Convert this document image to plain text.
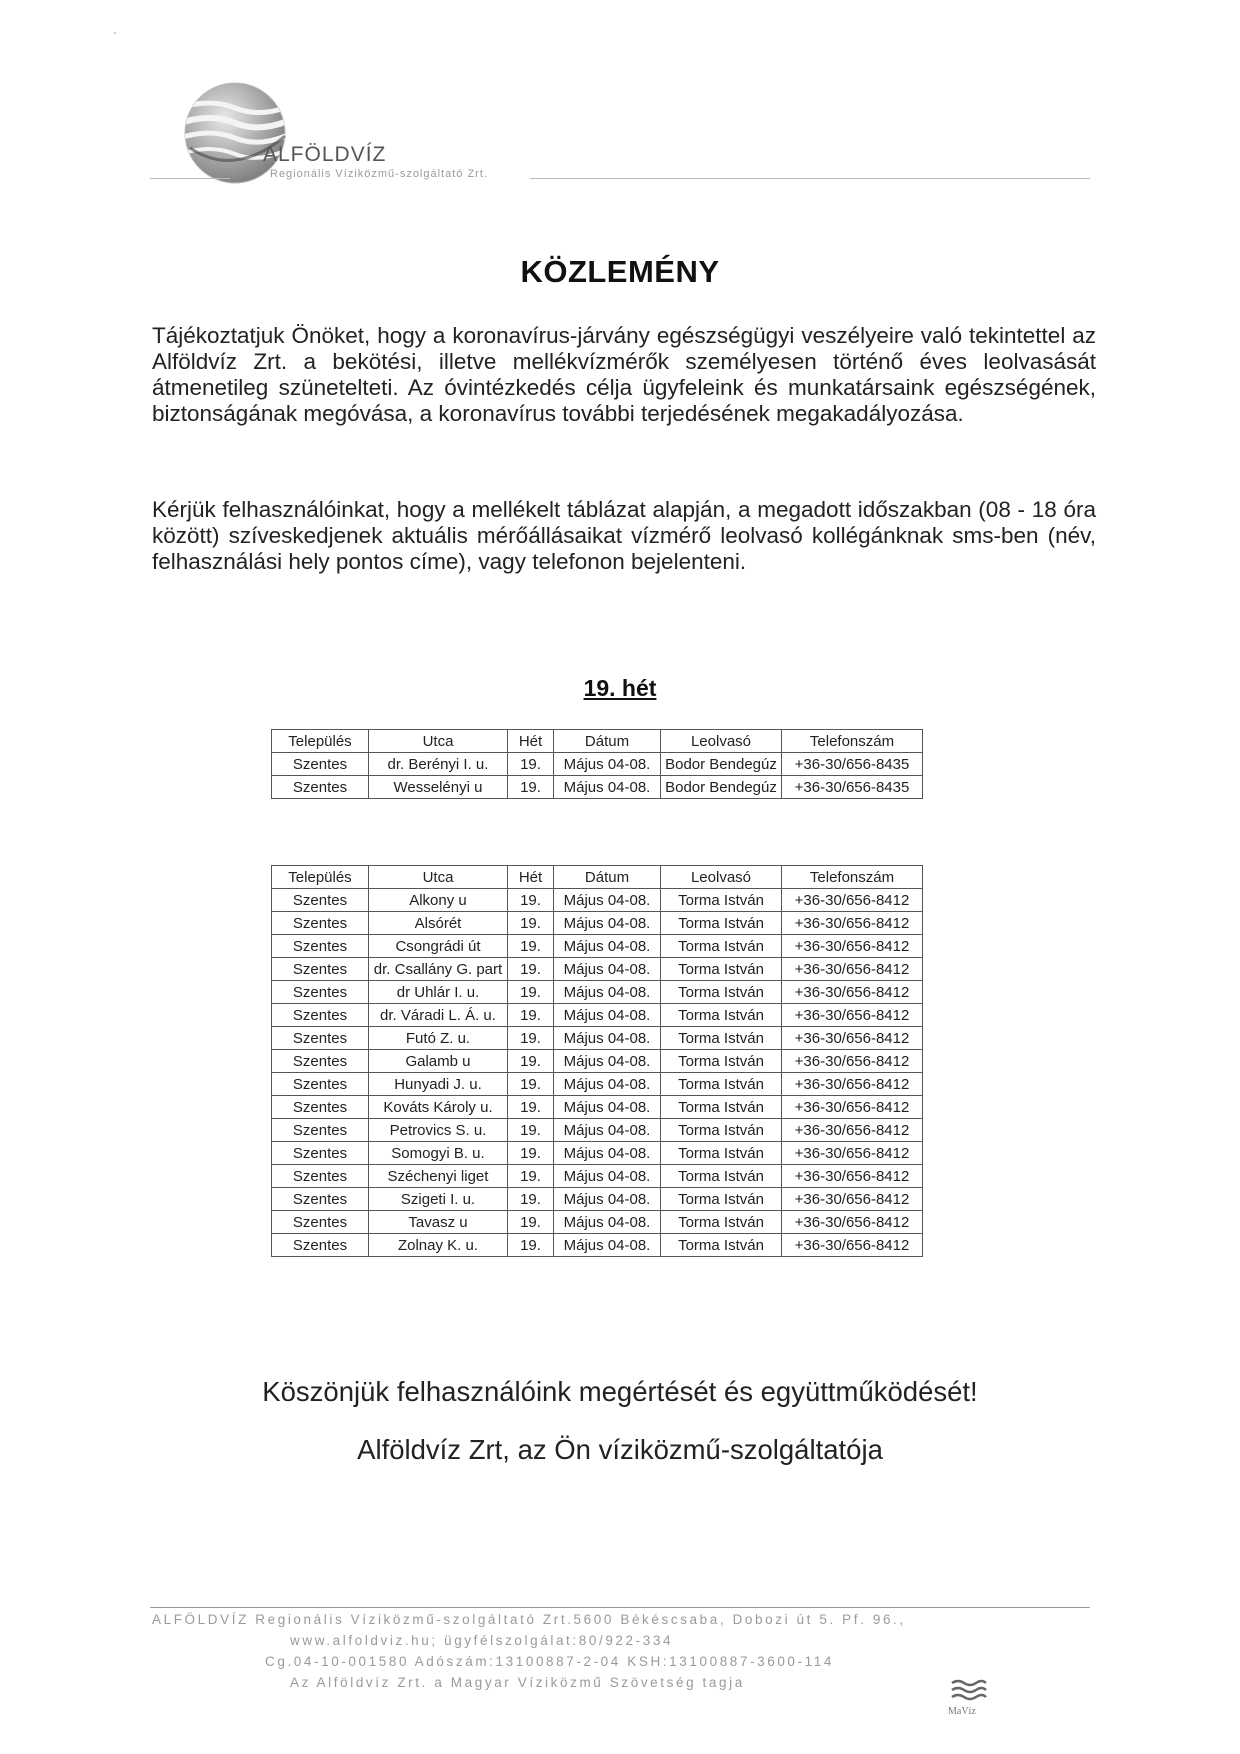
ALFÖLDVÍZ
Regionális Víziközmű-szolgáltató Zrt.
KÖZLEMÉNY
Tájékoztatjuk Önöket, hogy a koronavírus-járvány egészségügyi veszélyeire való tekintettel az Alföldvíz Zrt. a bekötési, illetve mellékvízmérők személyesen történő éves leolvasását átmenetileg szünetelteti. Az óvintézkedés célja ügyfeleink és munkatársaink egészségének, biztonságának megóvása, a koronavírus további terjedésének megakadályozása.
Kérjük felhasználóinkat, hogy a mellékelt táblázat alapján, a megadott időszakban (08 - 18 óra között) szíveskedjenek aktuális mérőállásaikat vízmérő leolvasó kollégánknak sms-ben (név, felhasználási hely pontos címe), vagy telefonon bejelenteni.
19. hét
Település	Utca	Hét	Dátum	Leolvasó	Telefonszám
Szentes	dr. Berényi I. u.	19.	Május 04-08.	Bodor Bendegúz	+36-30/656-8435
Szentes	Wesselényi u	19.	Május 04-08.	Bodor Bendegúz	+36-30/656-8435
Település	Utca	Hét	Dátum	Leolvasó	Telefonszám
Szentes	Alkony u	19.	Május 04-08.	Torma István	+36-30/656-8412
Szentes	Alsórét	19.	Május 04-08.	Torma István	+36-30/656-8412
Szentes	Csongrádi út	19.	Május 04-08.	Torma István	+36-30/656-8412
Szentes	dr. Csallány G. part	19.	Május 04-08.	Torma István	+36-30/656-8412
Szentes	dr Uhlár I. u.	19.	Május 04-08.	Torma István	+36-30/656-8412
Szentes	dr. Váradi L. Á. u.	19.	Május 04-08.	Torma István	+36-30/656-8412
Szentes	Futó Z. u.	19.	Május 04-08.	Torma István	+36-30/656-8412
Szentes	Galamb u	19.	Május 04-08.	Torma István	+36-30/656-8412
Szentes	Hunyadi J. u.	19.	Május 04-08.	Torma István	+36-30/656-8412
Szentes	Kováts Károly u.	19.	Május 04-08.	Torma István	+36-30/656-8412
Szentes	Petrovics S. u.	19.	Május 04-08.	Torma István	+36-30/656-8412
Szentes	Somogyi B. u.	19.	Május 04-08.	Torma István	+36-30/656-8412
Szentes	Széchenyi liget	19.	Május 04-08.	Torma István	+36-30/656-8412
Szentes	Szigeti I. u.	19.	Május 04-08.	Torma István	+36-30/656-8412
Szentes	Tavasz u	19.	Május 04-08.	Torma István	+36-30/656-8412
Szentes	Zolnay K. u.	19.	Május 04-08.	Torma István	+36-30/656-8412
Köszönjük felhasználóink megértését és együttműködését!
Alföldvíz Zrt, az Ön víziközmű-szolgáltatója
ALFÖLDVÍZ Regionális Víziközmű-szolgáltató Zrt.5600 Békéscsaba, Dobozi út 5. Pf. 96.,
www.alfoldviz.hu; ügyfélszolgálat:80/922-334
Cg.04-10-001580 Adószám:13100887-2-04 KSH:13100887-3600-114
Az Alföldvíz Zrt. a Magyar Víziközmű Szövetség tagja
MaVíz
